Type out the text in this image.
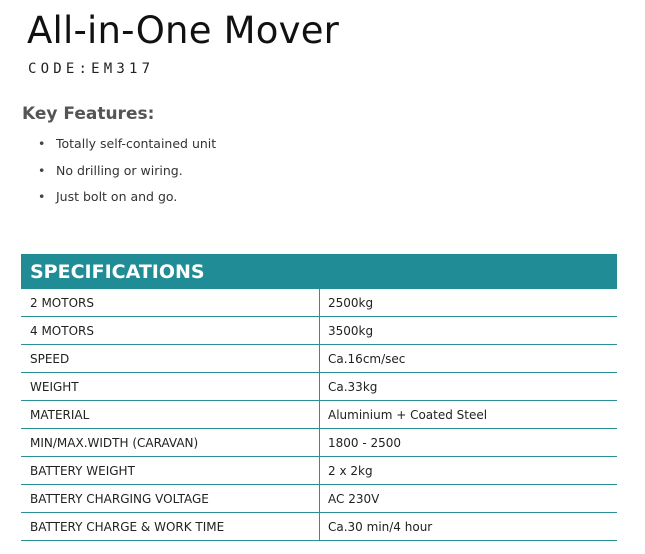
All-in-One Mover
CODE:EM317
Key Features:
• Totally self-contained unit
• No drilling or wiring.
• Just bolt on and go.
SPECIFICATIONS
2 MOTORS	2500kg
4 MOTORS	3500kg
SPEED	Ca.16cm/sec
WEIGHT	Ca.33kg
MATERIAL	Aluminium + Coated Steel
MIN/MAX.WIDTH (CARAVAN)	1800 - 2500
BATTERY WEIGHT	2 x 2kg
BATTERY CHARGING VOLTAGE	AC 230V
BATTERY CHARGE & WORK TIME	Ca.30 min/4 hour
